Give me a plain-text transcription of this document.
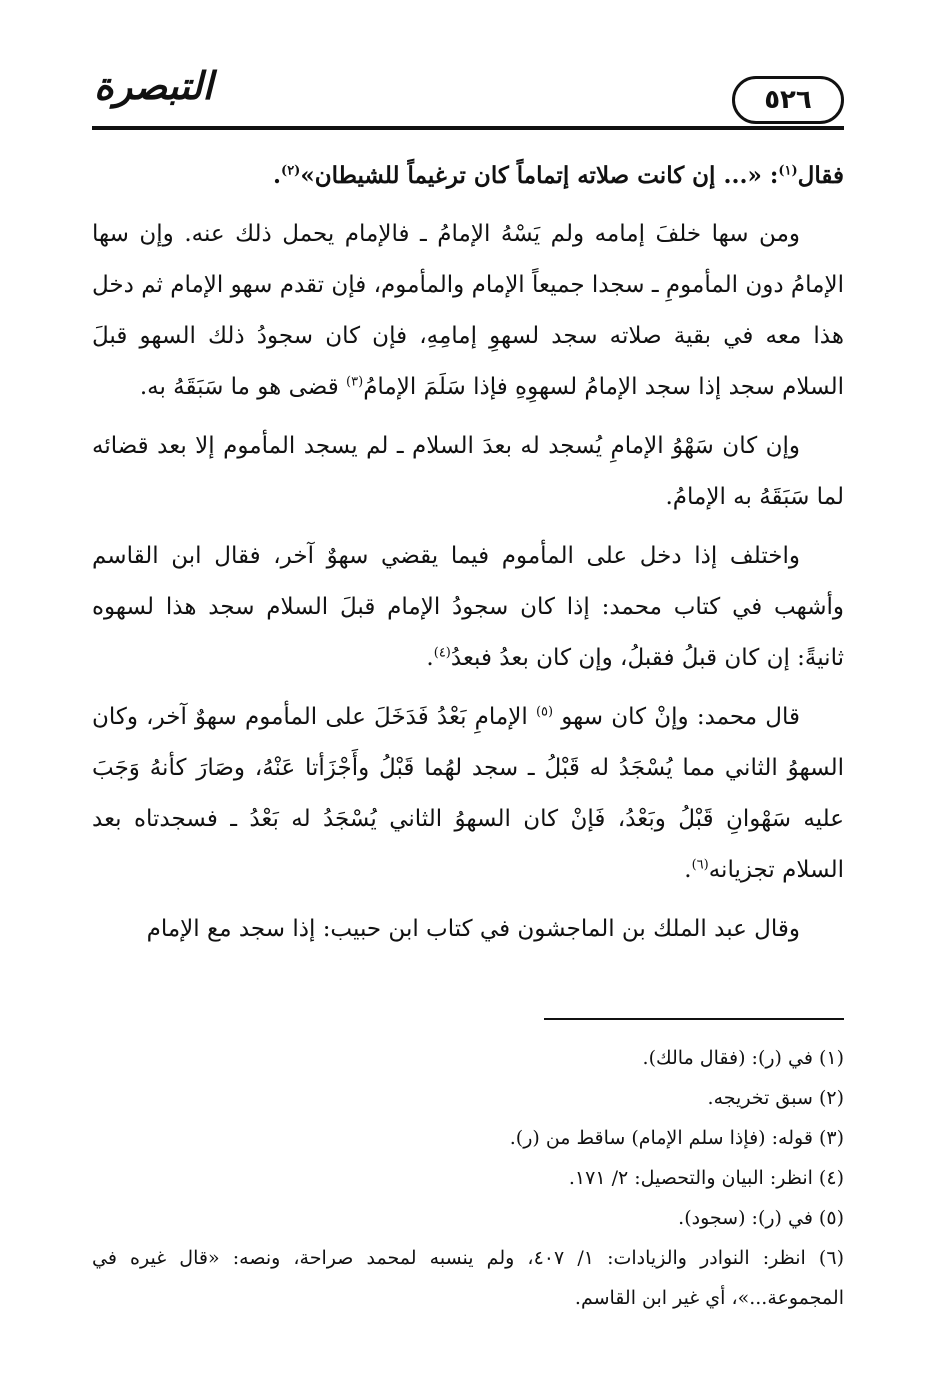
التبصرة	٥٢٦

فقال$^{(١)}$: «... إن كانت صلاته إتماماً كان ترغيماً للشيطان»$^{(٢)}$.

ومن سها خلفَ إمامه ولم يَسْهُ الإمامُ ـ فالإمام يحمل ذلك عنه. وإن سها الإمامُ دون المأمومِ ـ سجدا جميعاً الإمام والمأموم، فإن تقدم سهو الإمام ثم دخل هذا معه في بقية صلاته سجد لسهوِ إمامِهِ، فإن كان سجودُ ذلك السهو قبلَ السلام سجد إذا سجد الإمامُ لسهوِهِ فإذا سَلَمَ الإمامُ$^{(٣)}$ قضى هو ما سَبَقَهُ به.

وإن كان سَهْوُ الإمامِ يُسجد له بعدَ السلام ـ لم يسجد المأموم إلا بعد قضائه لما سَبَقَهُ به الإمامُ.

واختلف إذا دخل على المأموم فيما يقضي سهوٌ آخر، فقال ابن القاسم وأشهب في كتاب محمد: إذا كان سجودُ الإمام قبلَ السلام سجد هذا لسهوه ثانيةً: إن كان قبلُ فقبلُ، وإن كان بعدُ فبعدُ$^{(٤)}$.

قال محمد: وإنْ كان سهو $^{(٥)}$ الإمامِ بَعْدُ فَدَخَلَ على المأموم سهوٌ آخر، وكان السهوُ الثاني مما يُسْجَدُ له قَبْلُ ـ سجد لهُما قَبْلُ وأَجْزَأتا عَنْهُ، وصَارَ كأنهُ وَجَبَ عليه سَهْوانِ قَبْلُ وبَعْدُ، فَإنْ كان السهوُ الثاني يُسْجَدُ له بَعْدُ ـ فسجدتاه بعد السلام تجزيانه$^{(٦)}$.

وقال عبد الملك بن الماجشون في كتاب ابن حبيب: إذا سجد مع الإمام

(١) في (ر): (فقال مالك).

(٢) سبق تخريجه.

(٣) قوله: (فإذا سلم الإمام) ساقط من (ر).

(٤) انظر: البيان والتحصيل: ٢/ ١٧١.

(٥) في (ر): (سجود).

(٦) انظر: النوادر والزيادات: ١/ ٤٠٧، ولم ينسبه لمحمد صراحة، ونصه: «قال غيره في المجموعة...»، أي غير ابن القاسم.
